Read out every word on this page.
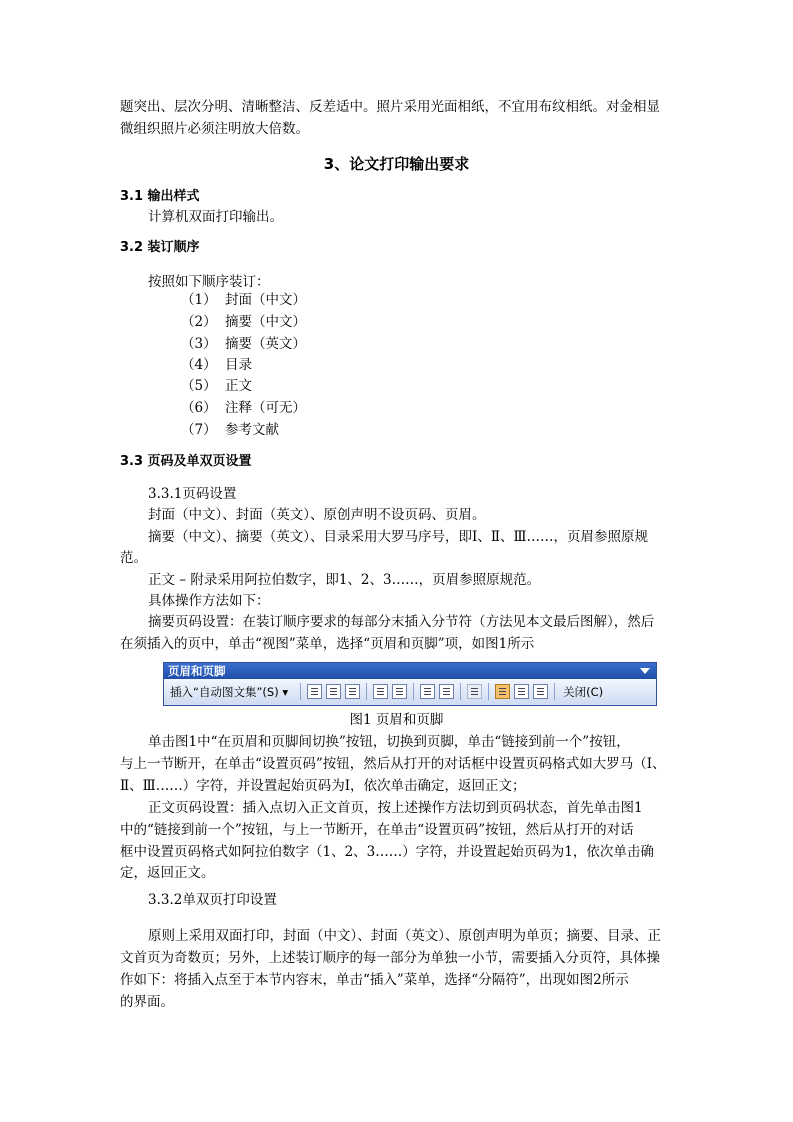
题突出、层次分明、清晰整洁、反差适中。照片采用光面相纸，不宜用布纹相纸。对金相显
微组织照片必须注明放大倍数。
3、论文打印输出要求
3.1 输出样式
计算机双面打印输出。
3.2 装订顺序
按照如下顺序装订：
（1） 封面（中文）
（2） 摘要（中文）
（3） 摘要（英文）
（4） 目录
（5） 正文
（6） 注释（可无）
（7） 参考文献
3.3 页码及单双页设置
3.3.1页码设置
封面（中文）、封面（英文）、原创声明不设页码、页眉。
摘要（中文）、摘要（英文）、目录采用大罗马序号，即Ⅰ、Ⅱ、Ⅲ……，页眉参照原规
范。
正文 – 附录采用阿拉伯数字，即1、2、3……，页眉参照原规范。
具体操作方法如下：
摘要页码设置：在装订顺序要求的每部分末插入分节符（方法见本文最后图解），然后
在须插入的页中，单击“视图”菜单，选择“页眉和页脚”项，如图1所示
页眉和页脚
插入“自动图文集”(S) ▾	关闭(C)
图1 页眉和页脚
单击图1中“在页眉和页脚间切换”按钮，切换到页脚，单击“链接到前一个”按钮，
与上一节断开，在单击“设置页码”按钮，然后从打开的对话框中设置页码格式如大罗马（Ⅰ、
Ⅱ、Ⅲ……）字符，并设置起始页码为Ⅰ，依次单击确定，返回正文；
正文页码设置：插入点切入正文首页，按上述操作方法切到页码状态，首先单击图1
中的“链接到前一个”按钮，与上一节断开，在单击“设置页码”按钮，然后从打开的对话
框中设置页码格式如阿拉伯数字（1、2、3……）字符，并设置起始页码为1，依次单击确
定，返回正文。
3.3.2单双页打印设置
原则上采用双面打印，封面（中文）、封面（英文）、原创声明为单页；摘要、目录、正
文首页为奇数页；另外，上述装订顺序的每一部分为单独一小节，需要插入分页符，具体操
作如下：将插入点至于本节内容末，单击“插入”菜单，选择“分隔符”，出现如图2所示
的界面。
